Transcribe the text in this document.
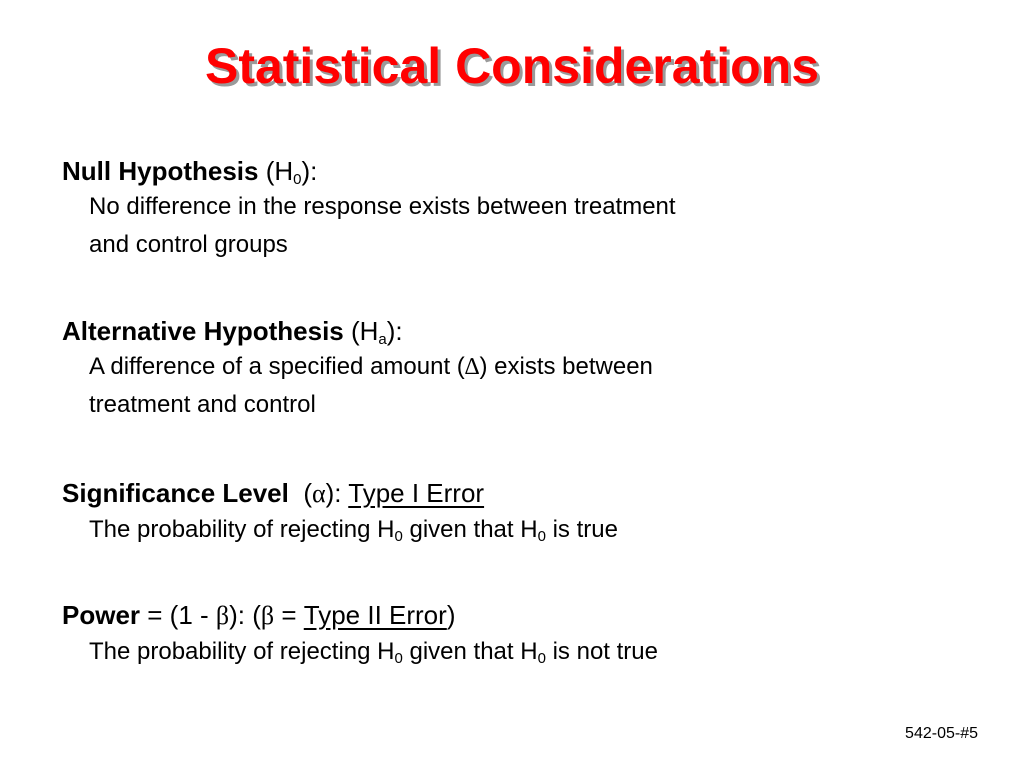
Statistical Considerations
Null Hypothesis $(H_0)$:
No difference in the response exists between treatment
and control groups
Alternative Hypothesis $(H_a)$:
A difference of a specified amount (∆) exists between
treatment and control
Significance Level  (α): Type I Error
The probability of rejecting $H_0$ given that $H_0$ is true
Power = (1 - β): (β = Type II Error)
The probability of rejecting $H_0$ given that $H_0$ is not true
542-05-#5
